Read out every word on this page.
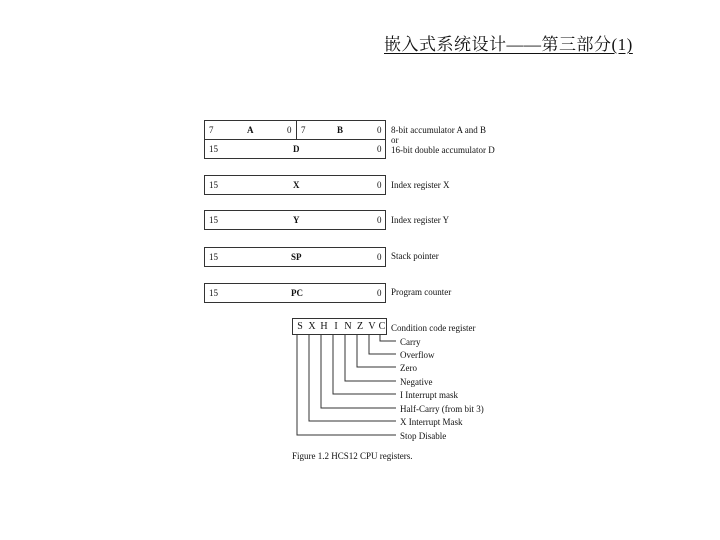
嵌入式系统设计——第三部分(1)
7	A	0 7	B	0
15	D	0
8-bit accumulator A and B
or
16-bit double accumulator D
15	X	0 Index register X
15	Y	0 Index register Y
15	SP	0 Stack pointer
15	PC	0 Program counter
S X H I N Z V C Condition code register
Carry
Overflow
Zero
Negative
I Interrupt mask
Half-Carry (from bit 3)
X Interrupt Mask
Stop Disable
Figure 1.2 HCS12 CPU registers.
